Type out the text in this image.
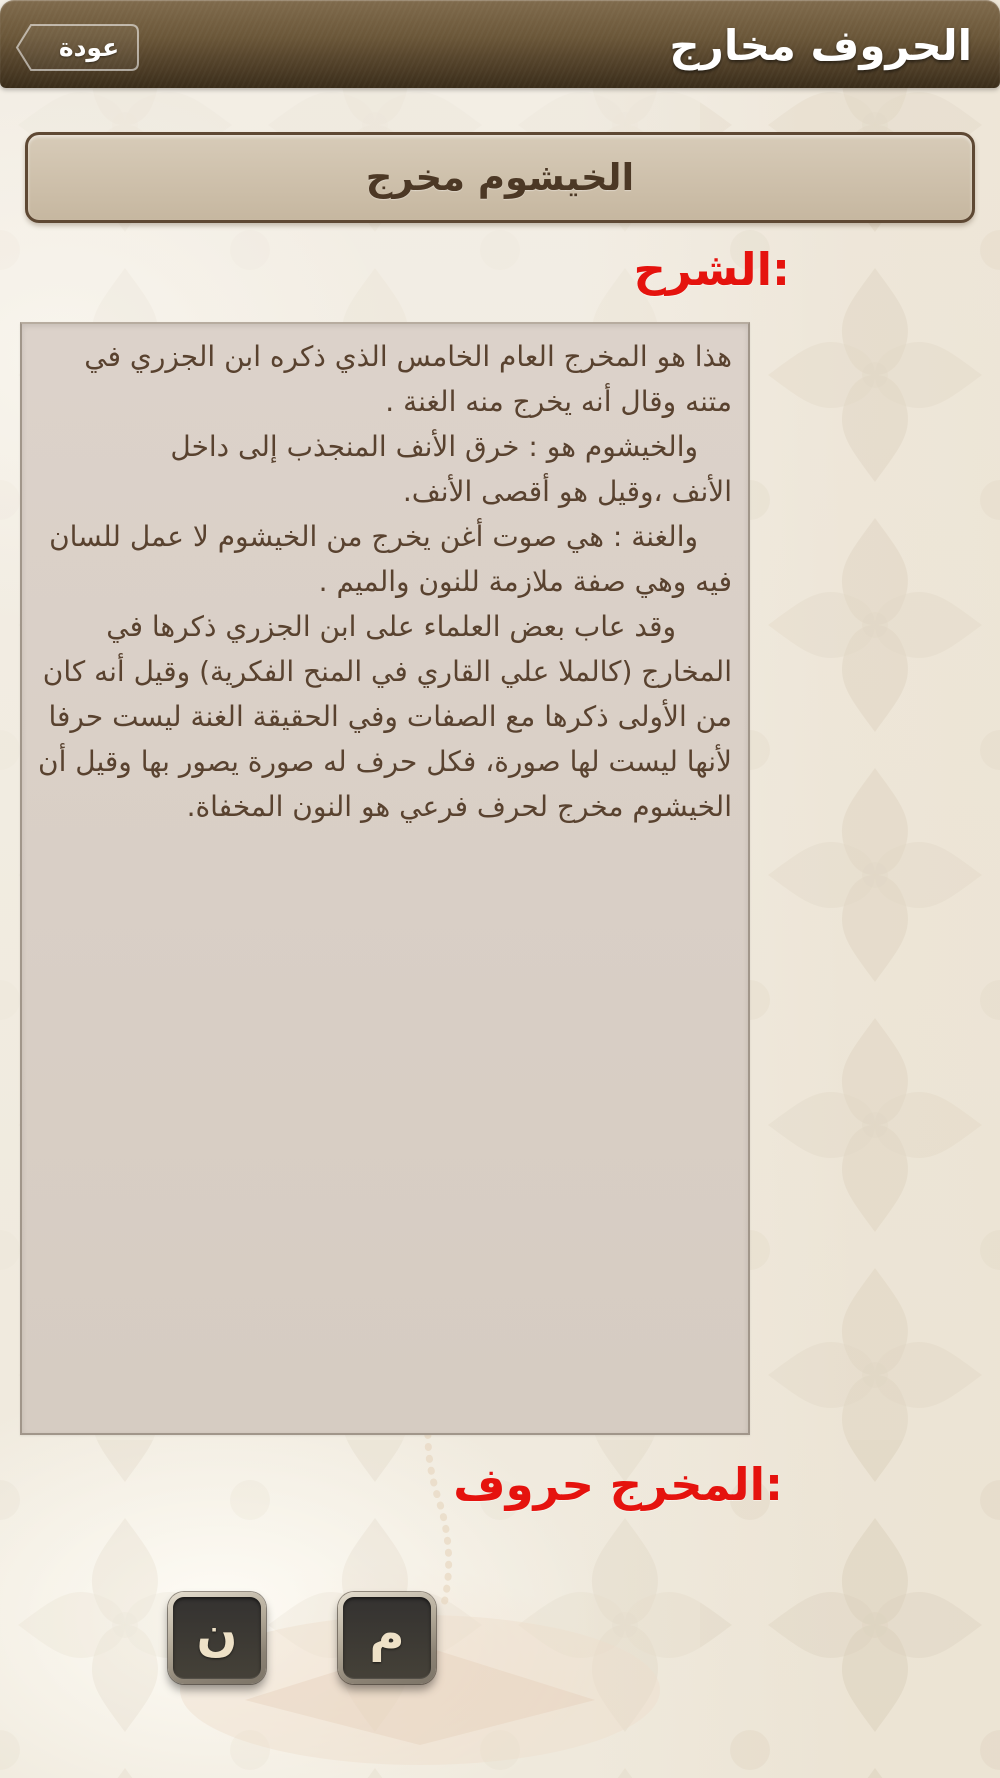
مخارج الحروف
عودة
مخرج الخيشوم
الشرح:
هذا هو المخرج العام الخامس الذي ذكره ابن الجزري في
متنه وقال أنه يخرج منه الغنة .
والخيشوم هو : خرق الأنف المنجذب إلى داخل
الأنف ،وقيل هو أقصى الأنف.
والغنة : هي صوت أغن يخرج من الخيشوم لا عمل للسان
فيه وهي صفة ملازمة للنون والميم .
وقد عاب بعض العلماء على ابن الجزري ذكرها في
المخارج (كالملا علي القاري في المنح الفكرية) وقيل أنه كان
من الأولى ذكرها مع الصفات وفي الحقيقة الغنة ليست حرفا
لأنها ليست لها صورة، فكل حرف له صورة يصور بها وقيل أن
الخيشوم مخرج لحرف فرعي هو النون المخفاة.
حروف المخرج:
م
ن
